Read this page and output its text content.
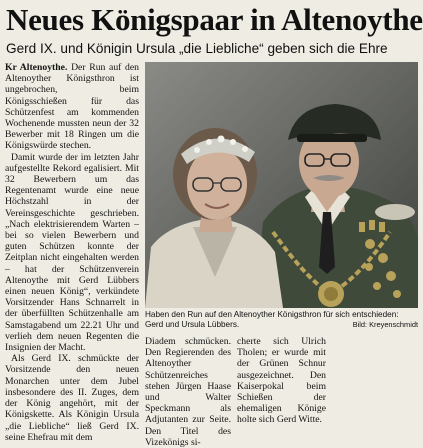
Neues Königspaar in Altenoythe
Gerd IX. und Königin Ursula „die Liebliche“ geben sich die Ehre

Kr Altenoythe. Der Run auf den Altenoyther Königsthron ist ungebrochen, beim Königsschießen für das Schützenfest am kommenden Wochenende mussten neun der 32 Bewerber mit 18 Ringen um die Königswürde stechen.

Damit wurde der im letzten Jahr aufgestellte Rekord egalisiert. Mit 32 Bewerbern um das Regentenamt wurde eine neue Höchstzahl in der Vereinsgeschichte geschrieben. „Nach elektrisierendem Warten – bei so vielen Bewerbern und guten Schützen konnte der Zeitplan nicht eingehalten werden – hat der Schützenverein Altenoythe mit Gerd Lübbers einen neuen König“, verkündete Vorsitzender Hans Schnarrelt in der überfüllten Schützenhalle am Samstagabend um 22.21 Uhr und verlieh dem neuen Regenten die Insignien der Macht.

Als Gerd IX. schmückte der Vorsitzende den neuen Monarchen unter dem Jubel insbesondere des II. Zuges, dem der König angehört, mit der Königskette. Als Königin Ursula „die Liebliche“ ließ Gerd IX. seine Ehefrau mit dem

Haben den Run auf den Altenoyther Königsthron für sich entschieden: Gerd und Ursula Lübbers.	Bild: Kreyenschmidt

Diadem schmücken. Den Regierenden des Altenoyther Schützenreiches stehen Jürgen Haase und Walter Speckmann als Adjutanten zur Seite. Den Titel des Vizekönigs si-

cherte sich Ulrich Tholen; er wurde mit der Grünen Schnur ausgezeichnet. Den Kaiserpokal beim Schießen der ehemaligen Könige holte sich Gerd Witte.
